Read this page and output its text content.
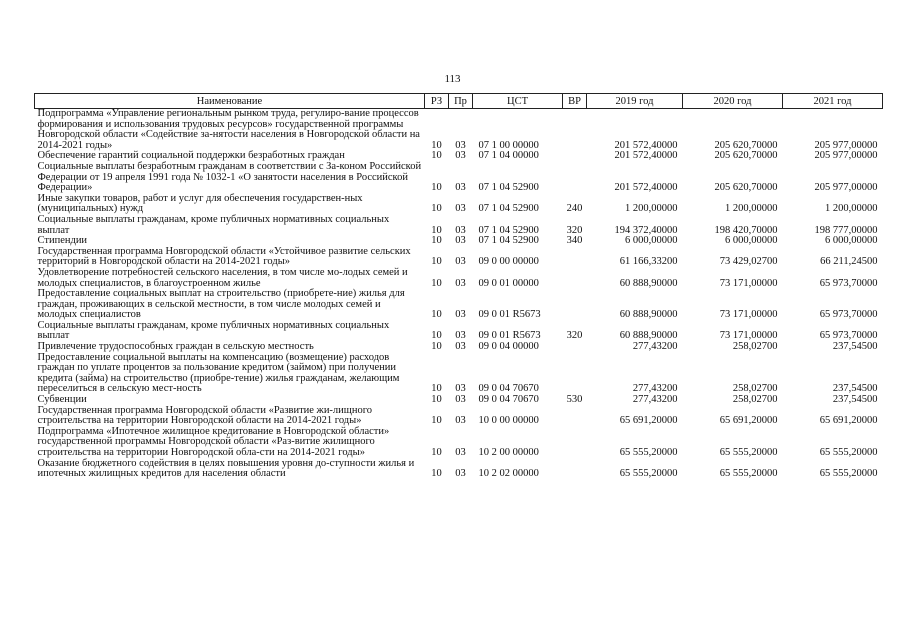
113
Наименование	РЗ	Пр	ЦСТ	ВР	2019 год	2020 год	2021 год
Подпрограмма «Управление региональным рынком труда, регулиро-вание процессов формирования и использования трудовых ресурсов» государственной программы Новгородской области «Содействие за-нятости населения в Новгородской области на 2014-2021 годы»	10	03	07 1 00 00000		201 572,40000	205 620,70000	205 977,00000
Обеспечение гарантий социальной поддержки безработных граждан	10	03	07 1 04 00000		201 572,40000	205 620,70000	205 977,00000
Социальные выплаты безработным гражданам в соответствии с За-коном Российской Федерации от 19 апреля 1991 года № 1032-1 «О занятости населения в Российской Федерации»	10	03	07 1 04 52900		201 572,40000	205 620,70000	205 977,00000
Иные закупки товаров, работ и услуг для обеспечения государствен-ных (муниципальных) нужд	10	03	07 1 04 52900	240	1 200,00000	1 200,00000	1 200,00000
Социальные выплаты гражданам, кроме публичных нормативных социальных выплат	10	03	07 1 04 52900	320	194 372,40000	198 420,70000	198 777,00000
Стипендии	10	03	07 1 04 52900	340	6 000,00000	6 000,00000	6 000,00000
Государственная программа Новгородской области «Устойчивое развитие сельских территорий в Новгородской области на 2014-2021 годы»	10	03	09 0 00 00000		61 166,33200	73 429,02700	66 211,24500
Удовлетворение потребностей сельского населения, в том числе мо-лодых семей и молодых специалистов, в благоустроенном жилье	10	03	09 0 01 00000		60 888,90000	73 171,00000	65 973,70000
Предоставление социальных выплат на строительство (приобрете-ние) жилья для граждан, проживающих в сельской местности, в том числе молодых семей и молодых специалистов	10	03	09 0 01 R5673		60 888,90000	73 171,00000	65 973,70000
Социальные выплаты гражданам, кроме публичных нормативных социальных выплат	10	03	09 0 01 R5673	320	60 888,90000	73 171,00000	65 973,70000
Привлечение трудоспособных граждан в сельскую местность	10	03	09 0 04 00000		277,43200	258,02700	237,54500
Предоставление социальной выплаты на компенсацию (возмещение) расходов граждан по уплате процентов за пользование кредитом (займом) при получении кредита (займа) на строительство (приобре-тение) жилья гражданам, желающим переселиться в сельскую мест-ность	10	03	09 0 04 70670		277,43200	258,02700	237,54500
Субвенции	10	03	09 0 04 70670	530	277,43200	258,02700	237,54500
Государственная программа Новгородской области «Развитие жи-лищного строительства на территории Новгородской области на 2014-2021 годы»	10	03	10 0 00 00000		65 691,20000	65 691,20000	65 691,20000
Подпрограмма «Ипотечное жилищное кредитование в Новгородской области» государственной программы Новгородской области «Раз-витие жилищного строительства на территории Новгородской обла-сти на 2014-2021 годы»	10	03	10 2 00 00000		65 555,20000	65 555,20000	65 555,20000
Оказание бюджетного содействия в целях повышения уровня до-ступности жилья и ипотечных жилищных кредитов для населения области	10	03	10 2 02 00000		65 555,20000	65 555,20000	65 555,20000
